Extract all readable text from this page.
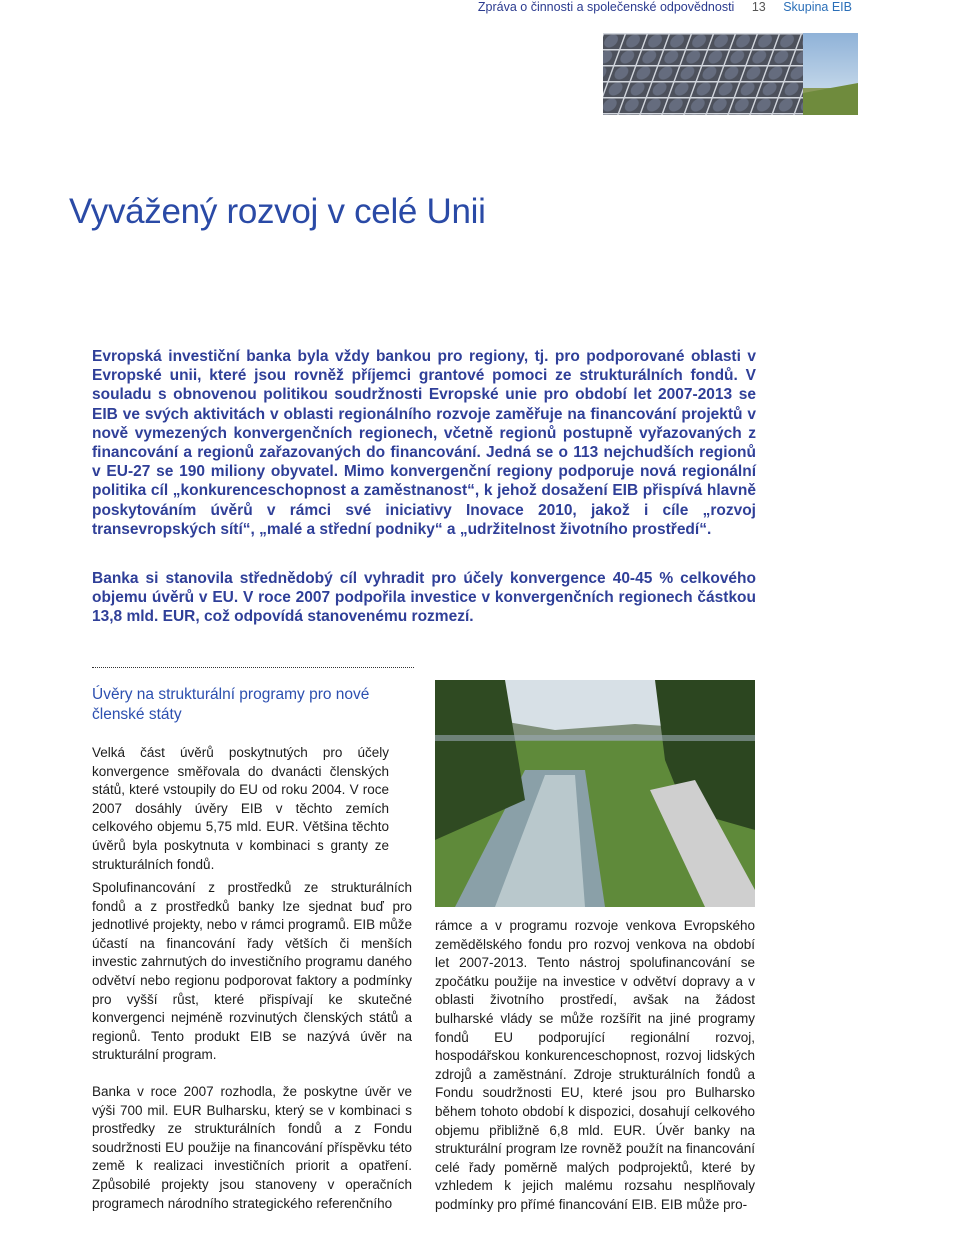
Zpráva o činnosti a společenské odpovědnosti 13 Skupina EIB
Vyvážený rozvoj v celé Unii

Evropská investiční banka byla vždy bankou pro regiony, tj. pro podporované oblasti v Evropské unii, které jsou rovněž příjemci grantové pomoci ze strukturálních fondů. V souladu s obnovenou politikou soudržnosti Evropské unie pro období let 2007-2013 se EIB ve svých aktivitách v oblasti regionálního rozvoje zaměřuje na financování projektů v nově vymezených konvergenčních regionech, včetně regionů postupně vyřazovaných z financování a regionů zařazovaných do financování. Jedná se o 113 nejchudších regionů v EU-27 se 190 miliony obyvatel. Mimo konvergenční regiony podporuje nová regionální politika cíl „konkurenceschopnost a zaměstnanost“, k jehož dosažení EIB přispívá hlavně poskytováním úvěrů v rámci své iniciativy Inovace 2010, jakož i cíle „rozvoj transevropských sítí“, „malé a střední podniky“ a „udržitelnost životního prostředí“.

Banka si stanovila střednědobý cíl vyhradit pro účely konvergence 40-45 % celkového objemu úvěrů v EU. V roce 2007 podpořila investice v konvergenčních regionech částkou 13,8 mld. EUR, což odpovídá stanovenému rozmezí.

Úvěry na strukturální programy pro nové členské státy

Velká část úvěrů poskytnutých pro účely konvergence směřovala do dvanácti členských států, které vstoupily do EU od roku 2004. V roce 2007 dosáhly úvěry EIB v těchto zemích celkového objemu 5,75 mld. EUR. Většina těchto úvěrů byla poskytnuta v kombinaci s granty ze strukturálních fondů.

Spolufinancování z prostředků ze strukturálních fondů a z prostředků banky lze sjednat buď pro jednotlivé projekty, nebo v rámci programů. EIB může účastí na financování řady větších či menších investic zahrnutých do investičního programu daného odvětví nebo regionu podporovat faktory a podmínky pro vyšší růst, které přispívají ke skutečné konvergenci nejméně rozvinutých členských států a regionů. Tento produkt EIB se nazývá úvěr na strukturální program.

Banka v roce 2007 rozhodla, že poskytne úvěr ve výši 700 mil. EUR Bulharsku, který se v kombinaci s prostředky ze strukturálních fondů a z Fondu soudržnosti EU použije na financování příspěvku této země k realizaci investičních priorit a opatření. Způsobilé projekty jsou stanoveny v operačních programech národního strategického referenčního

rámce a v programu rozvoje venkova Evropského zemědělského fondu pro rozvoj venkova na období let 2007-2013. Tento nástroj spolufinancování se zpočátku použije na investice v odvětví dopravy a v oblasti životního prostředí, avšak na žádost bulharské vlády se může rozšířit na jiné programy fondů EU podporující regionální rozvoj, hospodářskou konkurenceschopnost, rozvoj lidských zdrojů a zaměstnání. Zdroje strukturálních fondů a Fondu soudržnosti EU, které jsou pro Bulharsko během tohoto období k dispozici, dosahují celkového objemu přibližně 6,8 mld. EUR. Úvěr banky na strukturální program lze rovněž použít na financování celé řady poměrně malých podprojektů, které by vzhledem k jejich malému rozsahu nesplňovaly podmínky pro přímé financování EIB. EIB může pro-
